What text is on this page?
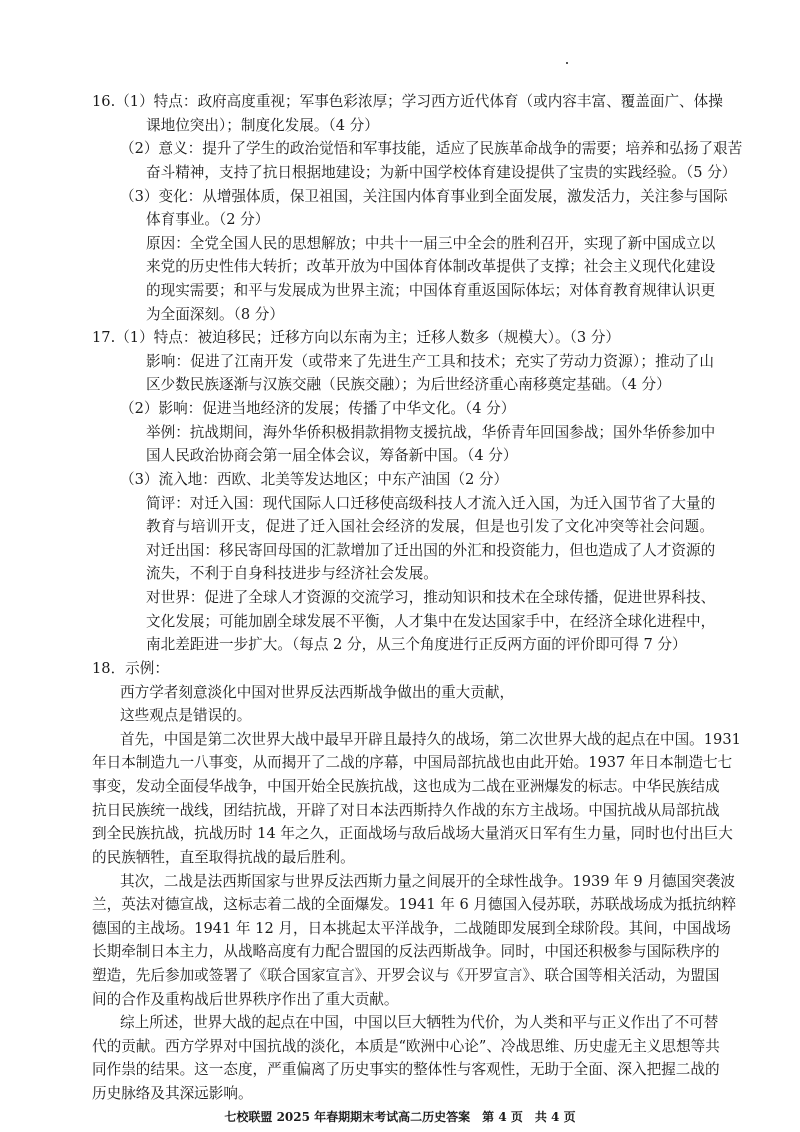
16.（1）特点：政府高度重视；军事色彩浓厚；学习西方近代体育（或内容丰富、覆盖面广、体操
课地位突出）；制度化发展。（4 分）
（2）意义：提升了学生的政治觉悟和军事技能，适应了民族革命战争的需要；培养和弘扬了艰苦
奋斗精神，支持了抗日根据地建设；为新中国学校体育建设提供了宝贵的实践经验。（5 分）
（3）变化：从增强体质，保卫祖国，关注国内体育事业到全面发展，激发活力，关注参与国际
体育事业。（2 分）
原因：全党全国人民的思想解放；中共十一届三中全会的胜利召开，实现了新中国成立以
来党的历史性伟大转折；改革开放为中国体育体制改革提供了支撑；社会主义现代化建设
的现实需要；和平与发展成为世界主流；中国体育重返国际体坛；对体育教育规律认识更
为全面深刻。（8 分）
17.（1）特点：被迫移民；迁移方向以东南为主；迁移人数多（规模大）。（3 分）
影响：促进了江南开发（或带来了先进生产工具和技术；充实了劳动力资源）；推动了山
区少数民族逐渐与汉族交融（民族交融）；为后世经济重心南移奠定基础。（4 分）
（2）影响：促进当地经济的发展；传播了中华文化。（4 分）
举例：抗战期间，海外华侨积极捐款捐物支援抗战，华侨青年回国参战；国外华侨参加中
国人民政治协商会第一届全体会议，筹备新中国。（4 分）
（3）流入地：西欧、北美等发达地区；中东产油国（2 分）
简评：对迁入国：现代国际人口迁移使高级科技人才流入迁入国，为迁入国节省了大量的
教育与培训开支，促进了迁入国社会经济的发展，但是也引发了文化冲突等社会问题。
对迁出国：移民寄回母国的汇款增加了迁出国的外汇和投资能力，但也造成了人才资源的
流失，不利于自身科技进步与经济社会发展。
对世界：促进了全球人才资源的交流学习，推动知识和技术在全球传播，促进世界科技、
文化发展；可能加剧全球发展不平衡，人才集中在发达国家手中，在经济全球化进程中，
南北差距进一步扩大。（每点 2 分，从三个角度进行正反两方面的评价即可得 7 分）
18．示例：
西方学者刻意淡化中国对世界反法西斯战争做出的重大贡献，
这些观点是错误的。
首先，中国是第二次世界大战中最早开辟且最持久的战场，第二次世界大战的起点在中国。1931
年日本制造九一八事变，从而揭开了二战的序幕，中国局部抗战也由此开始。1937 年日本制造七七
事变，发动全面侵华战争，中国开始全民族抗战，这也成为二战在亚洲爆发的标志。中华民族结成
抗日民族统一战线，团结抗战，开辟了对日本法西斯持久作战的东方主战场。中国抗战从局部抗战
到全民族抗战，抗战历时 14 年之久，正面战场与敌后战场大量消灭日军有生力量，同时也付出巨大
的民族牺牲，直至取得抗战的最后胜利。
其次，二战是法西斯国家与世界反法西斯力量之间展开的全球性战争。1939 年 9 月德国突袭波
兰，英法对德宣战，这标志着二战的全面爆发。1941 年 6 月德国入侵苏联，苏联战场成为抵抗纳粹
德国的主战场。1941 年 12 月，日本挑起太平洋战争，二战随即发展到全球阶段。其间，中国战场
长期牵制日本主力，从战略高度有力配合盟国的反法西斯战争。同时，中国还积极参与国际秩序的
塑造，先后参加或签署了《联合国家宣言》、开罗会议与《开罗宣言》、联合国等相关活动，为盟国
间的合作及重构战后世界秩序作出了重大贡献。
综上所述，世界大战的起点在中国，中国以巨大牺牲为代价，为人类和平与正义作出了不可替
代的贡献。西方学界对中国抗战的淡化，本质是“欧洲中心论”、冷战思维、历史虚无主义思想等共
同作祟的结果。这一态度，严重偏离了历史事实的整体性与客观性，无助于全面、深入把握二战的
历史脉络及其深远影响。
七校联盟 2025 年春期期末考试高二历史答案　第 4 页　共 4 页
